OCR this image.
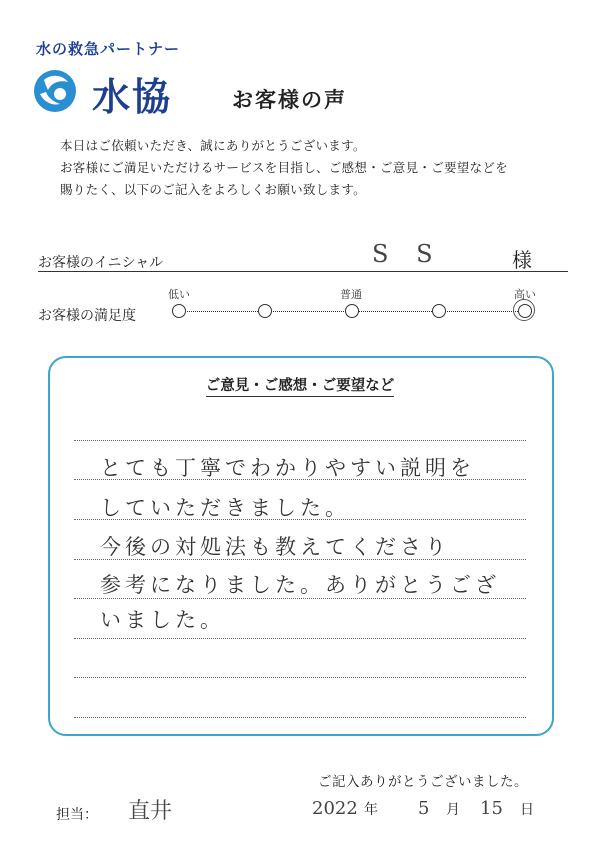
水の救急パートナー
水協	お客様の声
本日はご依頼いただき、誠にありがとうございます。
お客様にご満足いただけるサービスを目指し、ご感想・ご意見・ご要望などを
賜りたく、以下のご記入をよろしくお願い致します。
お客様のイニシャル	S S	様
お客様の満足度
低い	普通	高い
ご意見・ご感想・ご要望など
とても丁寧でわかりやすい説明を
していただきました。
今後の対処法も教えてくださり
参考になりました。ありがとうござ
いました。
ご記入ありがとうございました。
担当： 直井	2022 年 5 月 15 日
